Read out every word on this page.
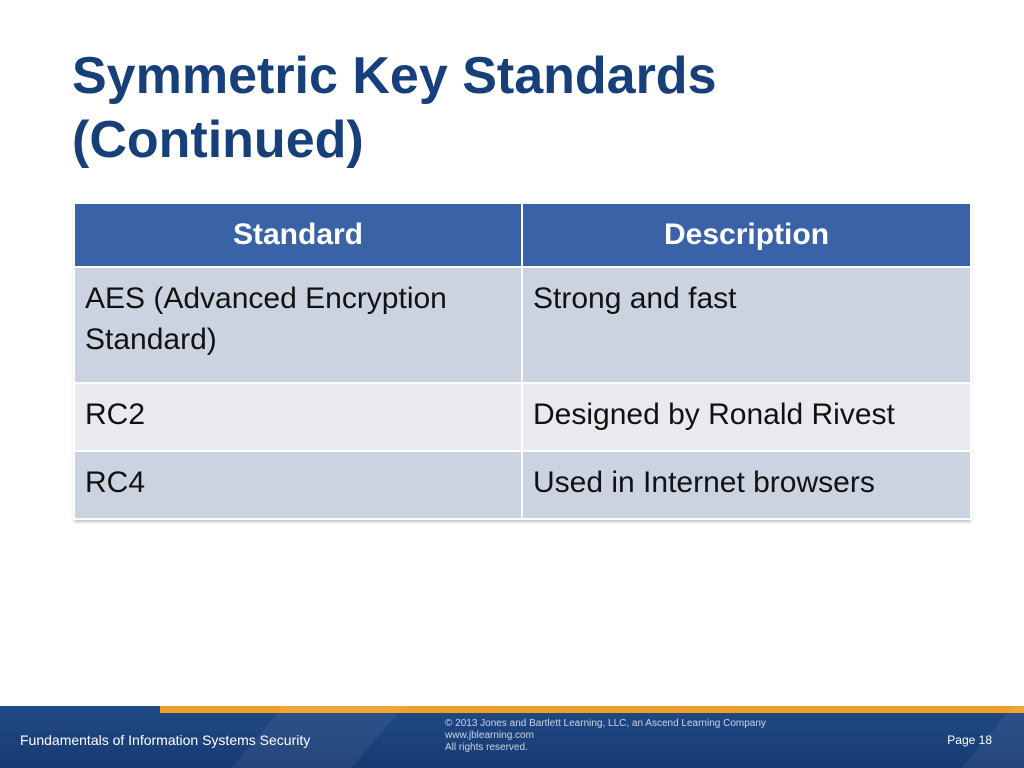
Symmetric Key Standards
(Continued)
Standard	Description
AES (Advanced Encryption Standard)	Strong and fast
RC2	Designed by Ronald Rivest
RC4	Used in Internet browsers
Fundamentals of Information Systems Security
© 2013 Jones and Bartlett Learning, LLC, an Ascend Learning Company
www.jblearning.com
All rights reserved.
Page 18
